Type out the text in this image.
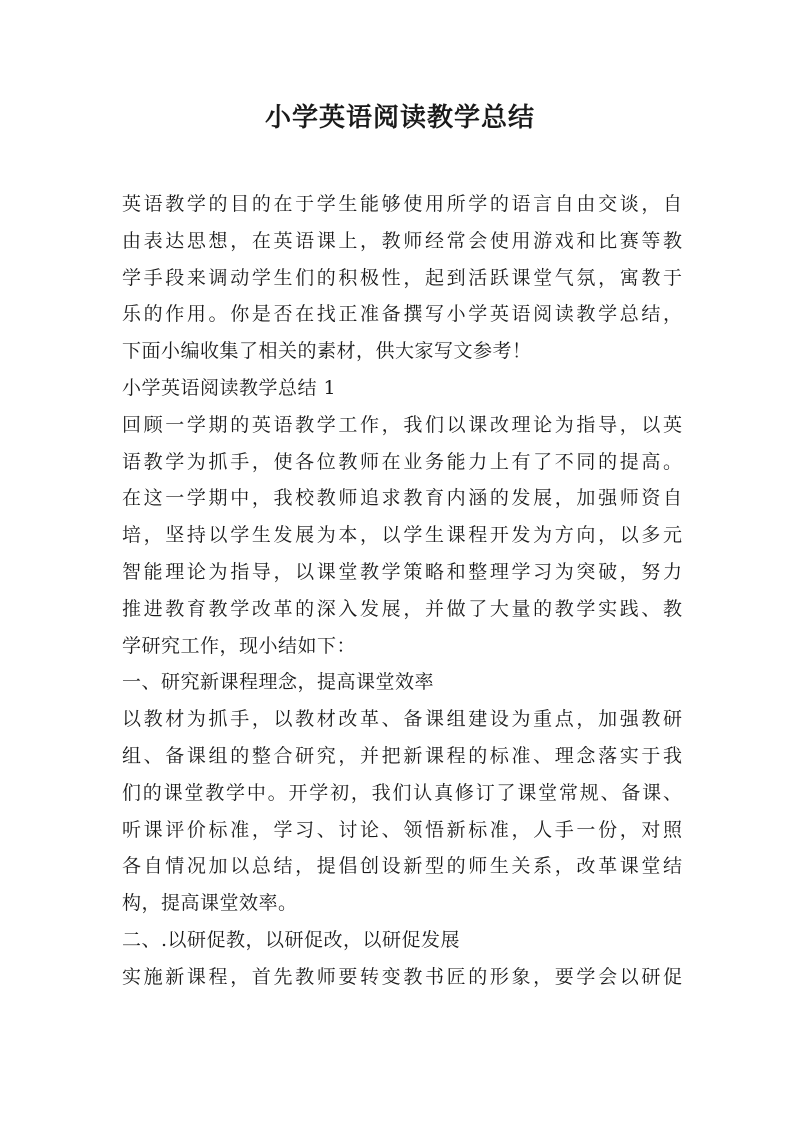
小学英语阅读教学总结
英语教学的目的在于学生能够使用所学的语言自由交谈，自
由表达思想，在英语课上，教师经常会使用游戏和比赛等教
学手段来调动学生们的积极性，起到活跃课堂气氛，寓教于
乐的作用。你是否在找正准备撰写小学英语阅读教学总结，
下面小编收集了相关的素材，供大家写文参考！
小学英语阅读教学总结 1
回顾一学期的英语教学工作，我们以课改理论为指导，以英
语教学为抓手，使各位教师在业务能力上有了不同的提高。
在这一学期中，我校教师追求教育内涵的发展，加强师资自
培，坚持以学生发展为本，以学生课程开发为方向，以多元
智能理论为指导，以课堂教学策略和整理学习为突破，努力
推进教育教学改革的深入发展，并做了大量的教学实践、教
学研究工作，现小结如下：
一、研究新课程理念，提高课堂效率
以教材为抓手，以教材改革、备课组建设为重点，加强教研
组、备课组的整合研究，并把新课程的标准、理念落实于我
们的课堂教学中。开学初，我们认真修订了课堂常规、备课、
听课评价标准，学习、讨论、领悟新标准，人手一份，对照
各自情况加以总结，提倡创设新型的师生关系，改革课堂结
构，提高课堂效率。
二、.以研促教，以研促改，以研促发展
实施新课程，首先教师要转变教书匠的形象，要学会以研促
